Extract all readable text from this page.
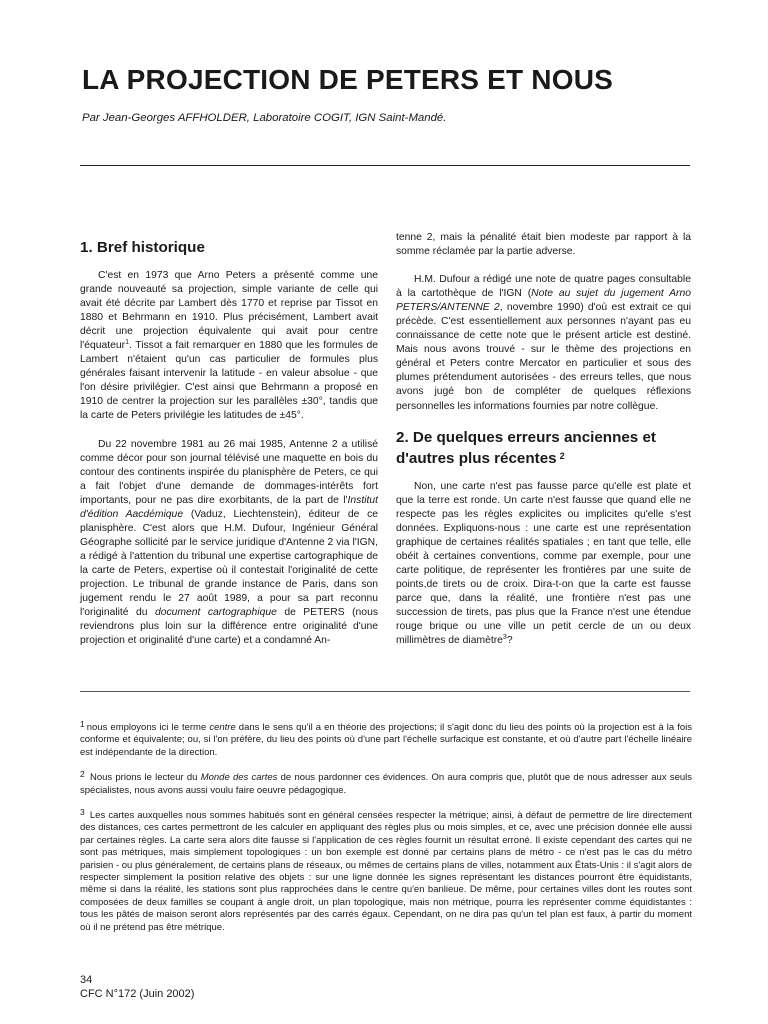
LA PROJECTION DE PETERS ET NOUS
Par Jean-Georges AFFHOLDER, Laboratoire COGIT, IGN Saint-Mandé.
1. Bref historique

C'est en 1973 que Arno Peters a présenté comme une grande nouveauté sa projection, simple variante de celle qui avait été décrite par Lambert dès 1770 et reprise par Tissot en 1880 et Behrmann en 1910. Plus précisément, Lambert avait décrit une projection équivalente qui avait pour centre l'équateur$^1$. Tissot a fait remarquer en 1880 que les formules de Lambert n'étaient qu'un cas particulier de formules plus générales faisant intervenir la latitude - en valeur absolue - que l'on désire privilégier. C'est ainsi que Behrmann a proposé en 1910 de centrer la projection sur les parallèles ±30°, tandis que la carte de Peters privilégie les latitudes de ±45°.

Du 22 novembre 1981 au 26 mai 1985, Antenne 2 a utilisé comme décor pour son journal télévisé une maquette en bois du contour des continents inspirée du planisphère de Peters, ce qui a fait l'objet d'une demande de dommages-intérêts fort importants, pour ne pas dire exorbitants, de la part de l'Institut d'édition Aacdémique (Vaduz, Liechtenstein), éditeur de ce planisphère. C'est alors que H.M. Dufour, Ingénieur Général Géographe sollicité par le service juridique d'Antenne 2 via l'IGN, a rédigé à l'attention du tribunal une expertise cartographique de la carte de Peters, expertise où il contestait l'originalité de cette projection. Le tribunal de grande instance de Paris, dans son jugement rendu le 27 août 1989, a pour sa part reconnu l'originalité du document cartographique de PETERS (nous reviendrons plus loin sur la différence entre originalité d'une projection et originalité d'une carte) et a condamné An-

tenne 2, mais la pénalité était bien modeste par rapport à la somme réclamée par la partie adverse.

H.M. Dufour a rédigé une note de quatre pages consultable à la cartothèque de l'IGN (Note au sujet du jugement Arno PETERS/ANTENNE 2, novembre 1990) d'où est extrait ce qui précède. C'est essentiellement aux personnes n'ayant pas eu connaissance de cette note que le présent article est destiné. Mais nous avons trouvé - sur le thème des projections en général et Peters contre Mercator en particulier et sous des plumes prétendument autorisées - des erreurs telles, que nous avons jugé bon de compléter de quelques réflexions personnelles les informations fournies par notre collègue.

2. De quelques erreurs anciennes et d'autres plus récentes $^2$

Non, une carte n'est pas fausse parce qu'elle est plate et que la terre est ronde. Un carte n'est fausse que quand elle ne respecte pas les règles explicites ou implicites qu'elle s'est données. Expliquons-nous : une carte est une représentation graphique de certaines réalités spatiales ; en tant que telle, elle obéit à certaines conventions, comme par exemple, pour une carte politique, de représenter les frontières par une suite de points,de tirets ou de croix. Dira-t-on que la carte est fausse parce que, dans la réalité, une frontière n'est pas une succession de tirets, pas plus que la France n'est une étendue rouge brique ou une ville un petit cercle de un ou deux millimètres de diamètre$^3$?

1 nous employons ici le terme centre dans le sens qu'il a en théorie des projections; il s'agit donc du lieu des points où la projection est à la fois conforme et équivalente; ou, si l'on préfère, du lieu des points où d'une part l'échelle surfacique est constante, et où d'autre part l'échelle linéaire est indépendante de la direction.

2 Nous prions le lecteur du Monde des cartes de nous pardonner ces évidences. On aura compris que, plutôt que de nous adresser aux seuls spécialistes, nous avons aussi voulu faire oeuvre pédagogique.

3 Les cartes auxquelles nous sommes habitués sont en général censées respecter la métrique; ainsi, à défaut de permettre de lire directement des distances, ces cartes permettront de les calculer en appliquant des règles plus ou mois simples, et ce, avec une précision donnée elle aussi par certaines règles. La carte sera alors dite fausse si l'application de ces règles fournit un résultat erroné. Il existe cependant des cartes qui ne sont pas métriques, mais simplement topologiques : un bon exemple est donné par certains plans de métro - ce n'est pas le cas du métro parisien - ou plus généralement, de certains plans de réseaux, ou mêmes de certains plans de villes, notamment aux États-Unis : il s'agit alors de respecter simplement la position relative des objets : sur une ligne donnée les signes représentant les distances pourront être équidistants, même si dans la réalité, les stations sont plus rapprochées dans le centre qu'en banlieue. De même, pour certaines villes dont les routes sont composées de deux familles se coupant à angle droit, un plan topologique, mais non métrique, pourra les représenter comme équidistantes : tous les pâtés de maison seront alors représentés par des carrés égaux. Cependant, on ne dira pas qu'un tel plan est faux, à partir du moment où il ne prétend pas être métrique.

34
CFC N°172 (Juin 2002)
